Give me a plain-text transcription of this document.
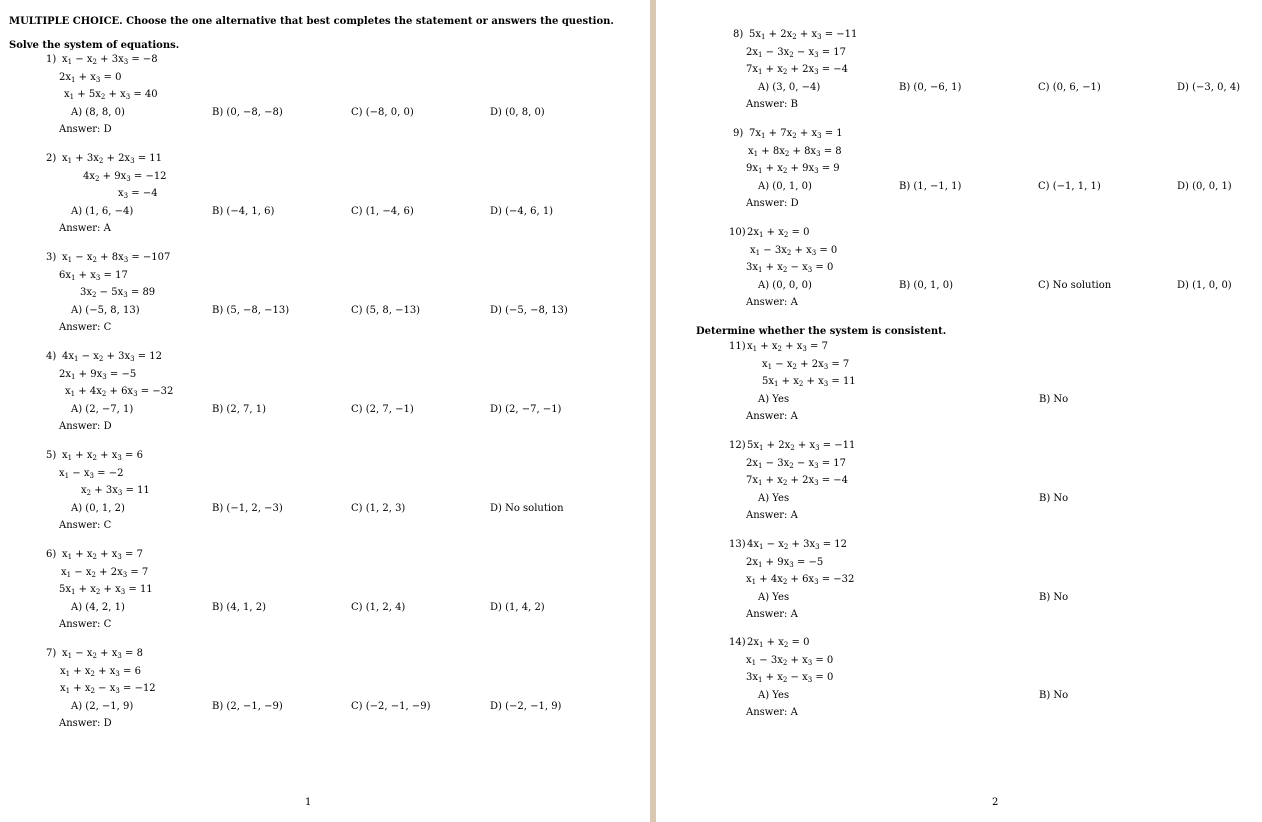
MULTIPLE CHOICE. Choose the one alternative that best completes the statement or answers the question.
Solve the system of equations.
1) $x_1 - x_2 + 3x_3 = -8$
$2x_1 + x_3 = 0$
$x_1 + 5x_2 + x_3 = 40$
A) (8, 8, 0)	B) (0, −8, −8)	C) (−8, 0, 0)	D) (0, 8, 0)
Answer: D
2) $x_1 + 3x_2 + 2x_3 = 11$
$4x_2 + 9x_3 = -12$
$x_3 = -4$
A) (1, 6, −4)	B) (−4, 1, 6)	C) (1, −4, 6)	D) (−4, 6, 1)
Answer: A
3) $x_1 - x_2 + 8x_3 = -107$
$6x_1 + x_3 = 17$
$3x_2 - 5x_3 = 89$
A) (−5, 8, 13)	B) (5, −8, −13)	C) (5, 8, −13)	D) (−5, −8, 13)
Answer: C
4) $4x_1 - x_2 + 3x_3 = 12$
$2x_1 + 9x_3 = -5$
$x_1 + 4x_2 + 6x_3 = -32$
A) (2, −7, 1)	B) (2, 7, 1)	C) (2, 7, −1)	D) (2, −7, −1)
Answer: D
5) $x_1 + x_2 + x_3 = 6$
$x_1 - x_3 = -2$
$x_2 + 3x_3 = 11$
A) (0, 1, 2)	B) (−1, 2, −3)	C) (1, 2, 3)	D) No solution
Answer: C
6) $x_1 + x_2 + x_3 = 7$
$x_1 - x_2 + 2x_3 = 7$
$5x_1 + x_2 + x_3 = 11$
A) (4, 2, 1)	B) (4, 1, 2)	C) (1, 2, 4)	D) (1, 4, 2)
Answer: C
7) $x_1 - x_2 + x_3 = 8$
$x_1 + x_2 + x_3 = 6$
$x_1 + x_2 - x_3 = -12$
A) (2, −1, 9)	B) (2, −1, −9)	C) (−2, −1, −9)	D) (−2, −1, 9)
Answer: D
1
Determine whether the system is consistent.
8) $5x_1 + 2x_2 + x_3 = -11$
$2x_1 - 3x_2 - x_3 = 17$
$7x_1 + x_2 + 2x_3 = -4$
A) (3, 0, −4)	B) (0, −6, 1)	C) (0, 6, −1)	D) (−3, 0, 4)
Answer: B
9) $7x_1 + 7x_2 + x_3 = 1$
$x_1 + 8x_2 + 8x_3 = 8$
$9x_1 + x_2 + 9x_3 = 9$
A) (0, 1, 0)	B) (1, −1, 1)	C) (−1, 1, 1)	D) (0, 0, 1)
Answer: D
10) $2x_1 + x_2 = 0$
$x_1 - 3x_2 + x_3 = 0$
$3x_1 + x_2 - x_3 = 0$
A) (0, 0, 0)	B) (0, 1, 0)	C) No solution	D) (1, 0, 0)
Answer: A
11) $x_1 + x_2 + x_3 = 7$
$x_1 - x_2 + 2x_3 = 7$
$5x_1 + x_2 + x_3 = 11$
A) Yes	B) No
Answer: A
12) $5x_1 + 2x_2 + x_3 = -11$
$2x_1 - 3x_2 - x_3 = 17$
$7x_1 + x_2 + 2x_3 = -4$
A) Yes	B) No
Answer: A
13) $4x_1 - x_2 + 3x_3 = 12$
$2x_1 + 9x_3 = -5$
$x_1 + 4x_2 + 6x_3 = -32$
A) Yes	B) No
Answer: A
14) $2x_1 + x_2 = 0$
$x_1 - 3x_2 + x_3 = 0$
$3x_1 + x_2 - x_3 = 0$
A) Yes	B) No
Answer: A
2
